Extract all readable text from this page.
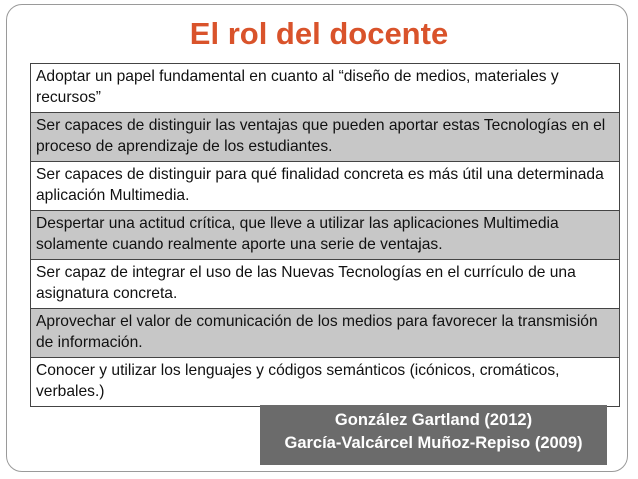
El rol del docente
Adoptar un papel fundamental en cuanto al “diseño de medios, materiales y recursos”
Ser capaces de distinguir las ventajas que pueden aportar estas Tecnologías en el proceso de aprendizaje de los estudiantes.
Ser capaces de distinguir para qué finalidad concreta es más útil una determinada aplicación Multimedia.
Despertar una actitud crítica, que lleve a utilizar las aplicaciones Multimedia solamente cuando realmente aporte una serie de ventajas.
Ser capaz de integrar el uso de las Nuevas Tecnologías en el currículo de una asignatura concreta.
Aprovechar el valor de comunicación de los medios para favorecer la transmisión de información.
Conocer y utilizar los lenguajes y códigos semánticos (icónicos, cromáticos, verbales.)
González Gartland (2012)
García-Valcárcel Muñoz-Repiso (2009)
